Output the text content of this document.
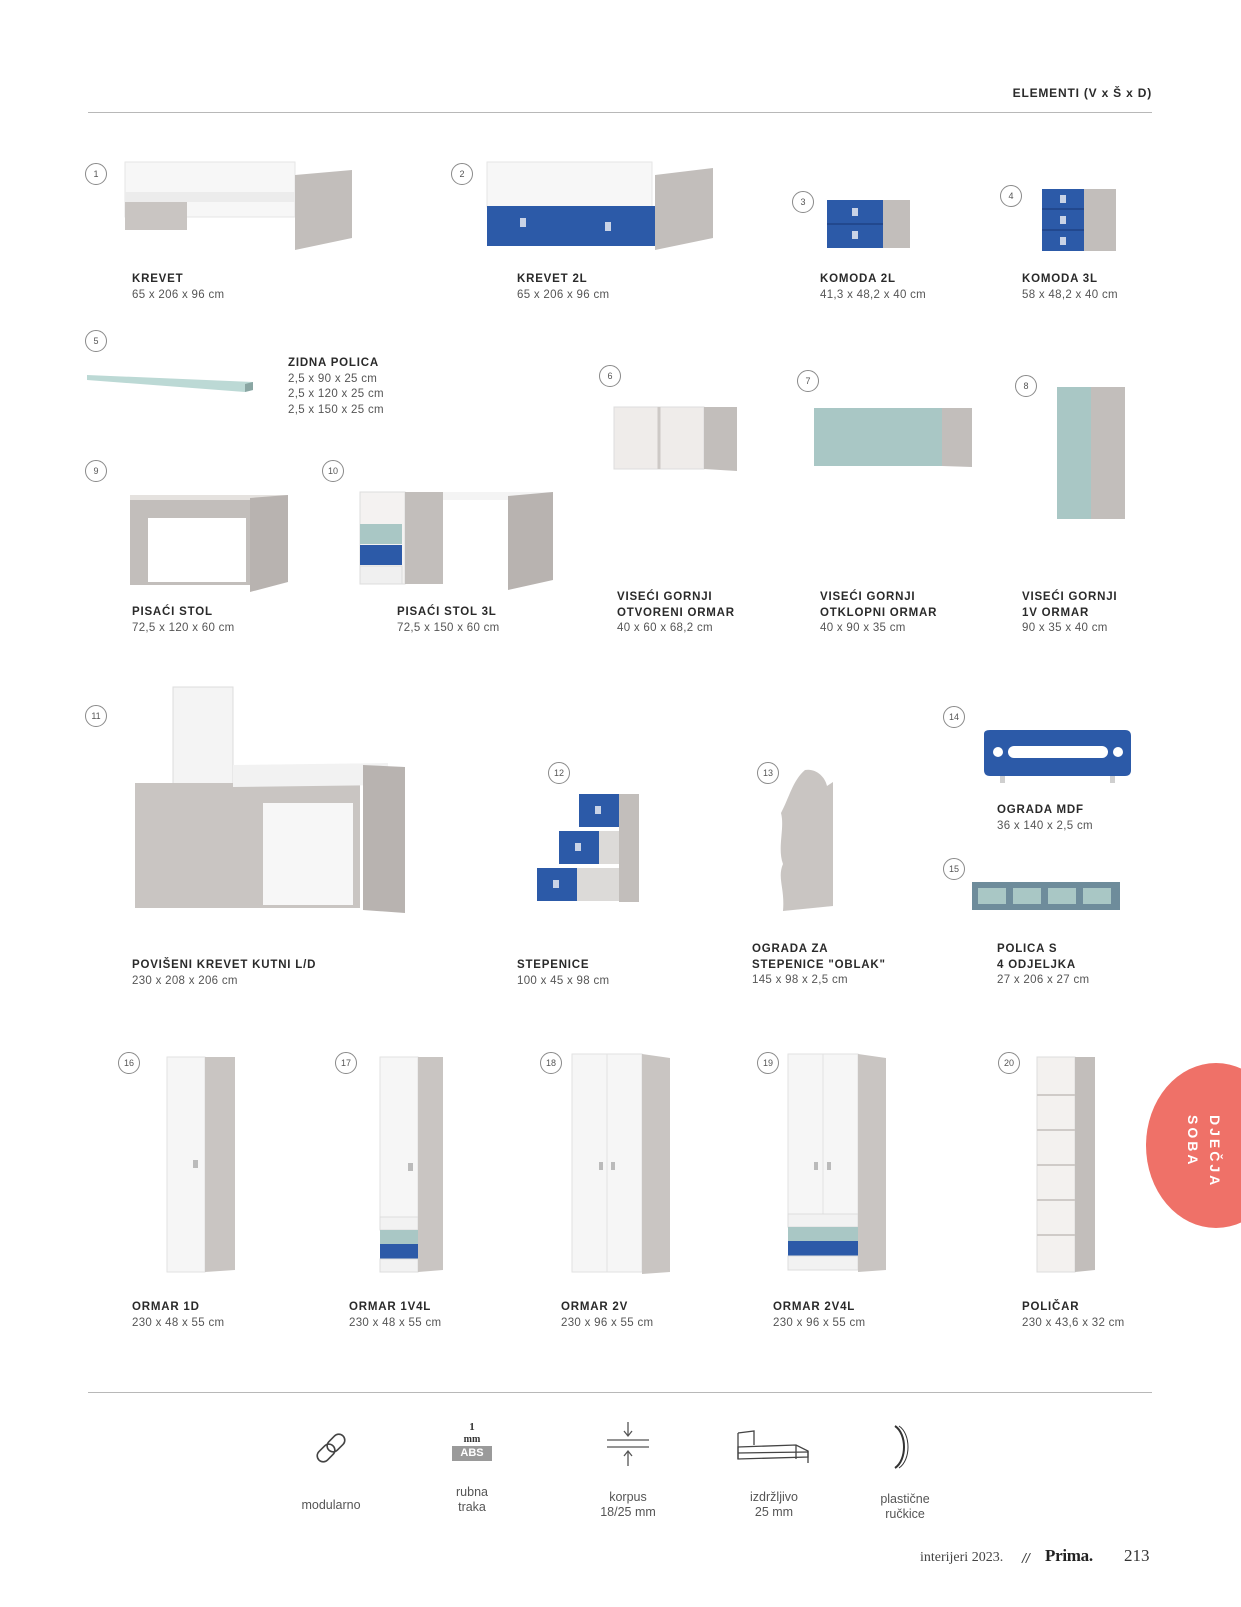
ELEMENTI (V x Š x D)
1
KREVET
65 x 206 x 96 cm
2
KREVET 2L
65 x 206 x 96 cm
3
KOMODA 2L
41,3 x 48,2 x 40 cm
4
KOMODA 3L
58 x 48,2 x 40 cm
5
ZIDNA POLICA
2,5 x 90 x 25 cm
2,5 x 120 x 25 cm
2,5 x 150 x 25 cm
6
VISEĆI GORNJI
OTVORENI ORMAR
40 x 60 x 68,2 cm
7
VISEĆI GORNJI
OTKLOPNI ORMAR
40 x 90 x 35 cm
8
VISEĆI GORNJI
1V ORMAR
90 x 35 x 40 cm
9
PISAĆI STOL
72,5 x 120 x 60 cm
10
PISAĆI STOL 3L
72,5 x 150 x 60 cm
11
POVIŠENI KREVET KUTNI L/D
230 x 208 x 206 cm
12
STEPENICE
100 x 45 x 98 cm
13
OGRADA ZA
STEPENICE "OBLAK"
145 x 98 x 2,5 cm
14
OGRADA MDF
36 x 140 x 2,5 cm
15
POLICA S
4 ODJELJKA
27 x 206 x 27 cm
16
ORMAR 1D
230 x 48 x 55 cm
17
ORMAR 1V4L
230 x 48 x 55 cm
18
ORMAR 2V
230 x 96 x 55 cm
19
ORMAR 2V4L
230 x 96 x 55 cm
20
POLIČAR
230 x 43,6 x 32 cm
DJEČJA
SOBA
modularno
1
mm
ABS
rubna
traka
korpus
18/25 mm
izdržljivo
25 mm
plastične
ručkice
interijeri 2023. // Prima. 213
